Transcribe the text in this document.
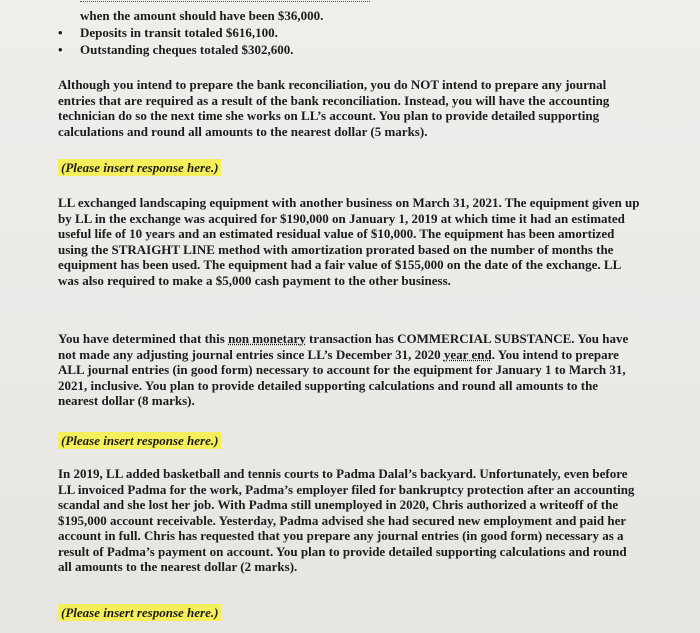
when the amount should have been $36,000.
• Deposits in transit totaled $616,100.
• Outstanding cheques totaled $302,600.

Although you intend to prepare the bank reconciliation, you do NOT intend to prepare any journal entries that are required as a result of the bank reconciliation. Instead, you will have the accounting technician do so the next time she works on LL’s account. You plan to provide detailed supporting calculations and round all amounts to the nearest dollar (5 marks).

(Please insert response here.)

LL exchanged landscaping equipment with another business on March 31, 2021. The equipment given up by LL in the exchange was acquired for $190,000 on January 1, 2019 at which time it had an estimated useful life of 10 years and an estimated residual value of $10,000. The equipment has been amortized using the STRAIGHT LINE method with amortization prorated based on the number of months the equipment has been used. The equipment had a fair value of $155,000 on the date of the exchange. LL was also required to make a $5,000 cash payment to the other business.

You have determined that this non monetary transaction has COMMERCIAL SUBSTANCE. You have not made any adjusting journal entries since LL’s December 31, 2020 year end. You intend to prepare ALL journal entries (in good form) necessary to account for the equipment for January 1 to March 31, 2021, inclusive. You plan to provide detailed supporting calculations and round all amounts to the nearest dollar (8 marks).

(Please insert response here.)

In 2019, LL added basketball and tennis courts to Padma Dalal’s backyard. Unfortunately, even before LL invoiced Padma for the work, Padma’s employer filed for bankruptcy protection after an accounting scandal and she lost her job. With Padma still unemployed in 2020, Chris authorized a writeoff of the $195,000 account receivable. Yesterday, Padma advised she had secured new employment and paid her account in full. Chris has requested that you prepare any journal entries (in good form) necessary as a result of Padma’s payment on account. You plan to provide detailed supporting calculations and round all amounts to the nearest dollar (2 marks).

(Please insert response here.)
